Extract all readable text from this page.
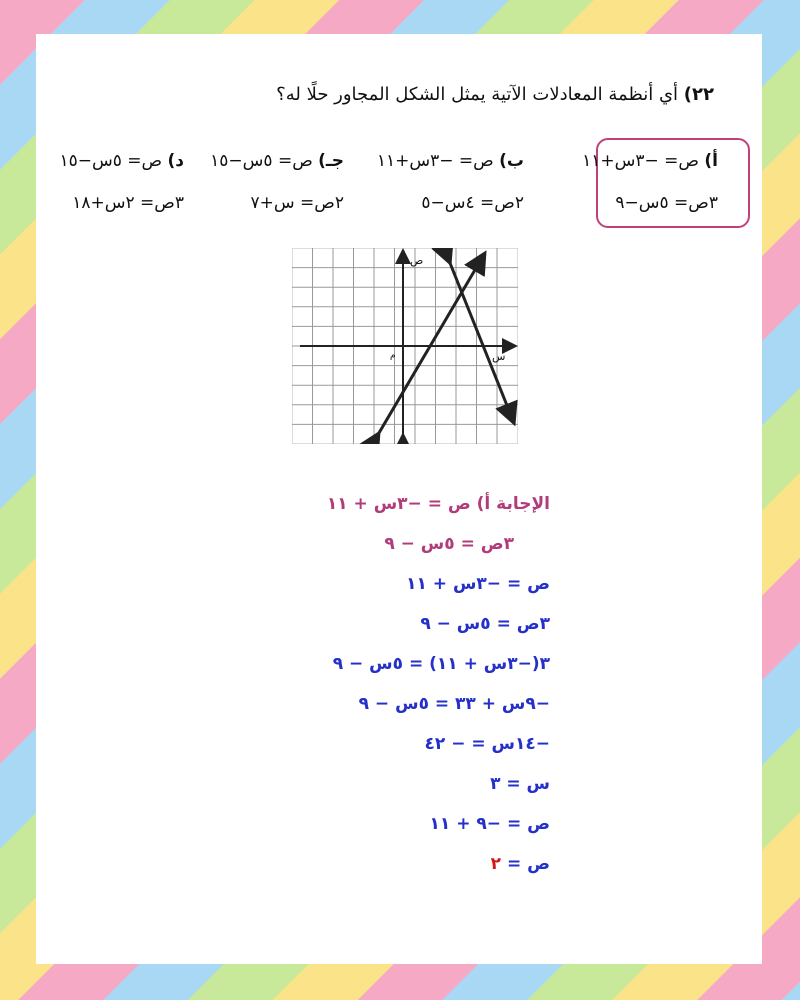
٢٢) أي أنظمة المعادلات الآتية يمثل الشكل المجاور حلًا له؟
أ) ص= −٣س+١١
٣ص= ٥س−٩
ب) ص= −٣س+١١
٢ص= ٤س−٥
جـ) ص= ٥س−١٥
٢ص= س+٧
د) ص= ٥س−١٥
٣ص= ٢س+١٨
ص
س
م
الإجابة أ) ص = −٣س + ١١
٣ص = ٥س − ٩
ص = −٣س + ١١
٣ص = ٥س − ٩
٣(−٣س + ١١) = ٥س − ٩
−٩س + ٣٣ = ٥س − ٩
−١٤س = − ٤٢
س = ٣
ص = −٩ + ١١
ص = ٢
